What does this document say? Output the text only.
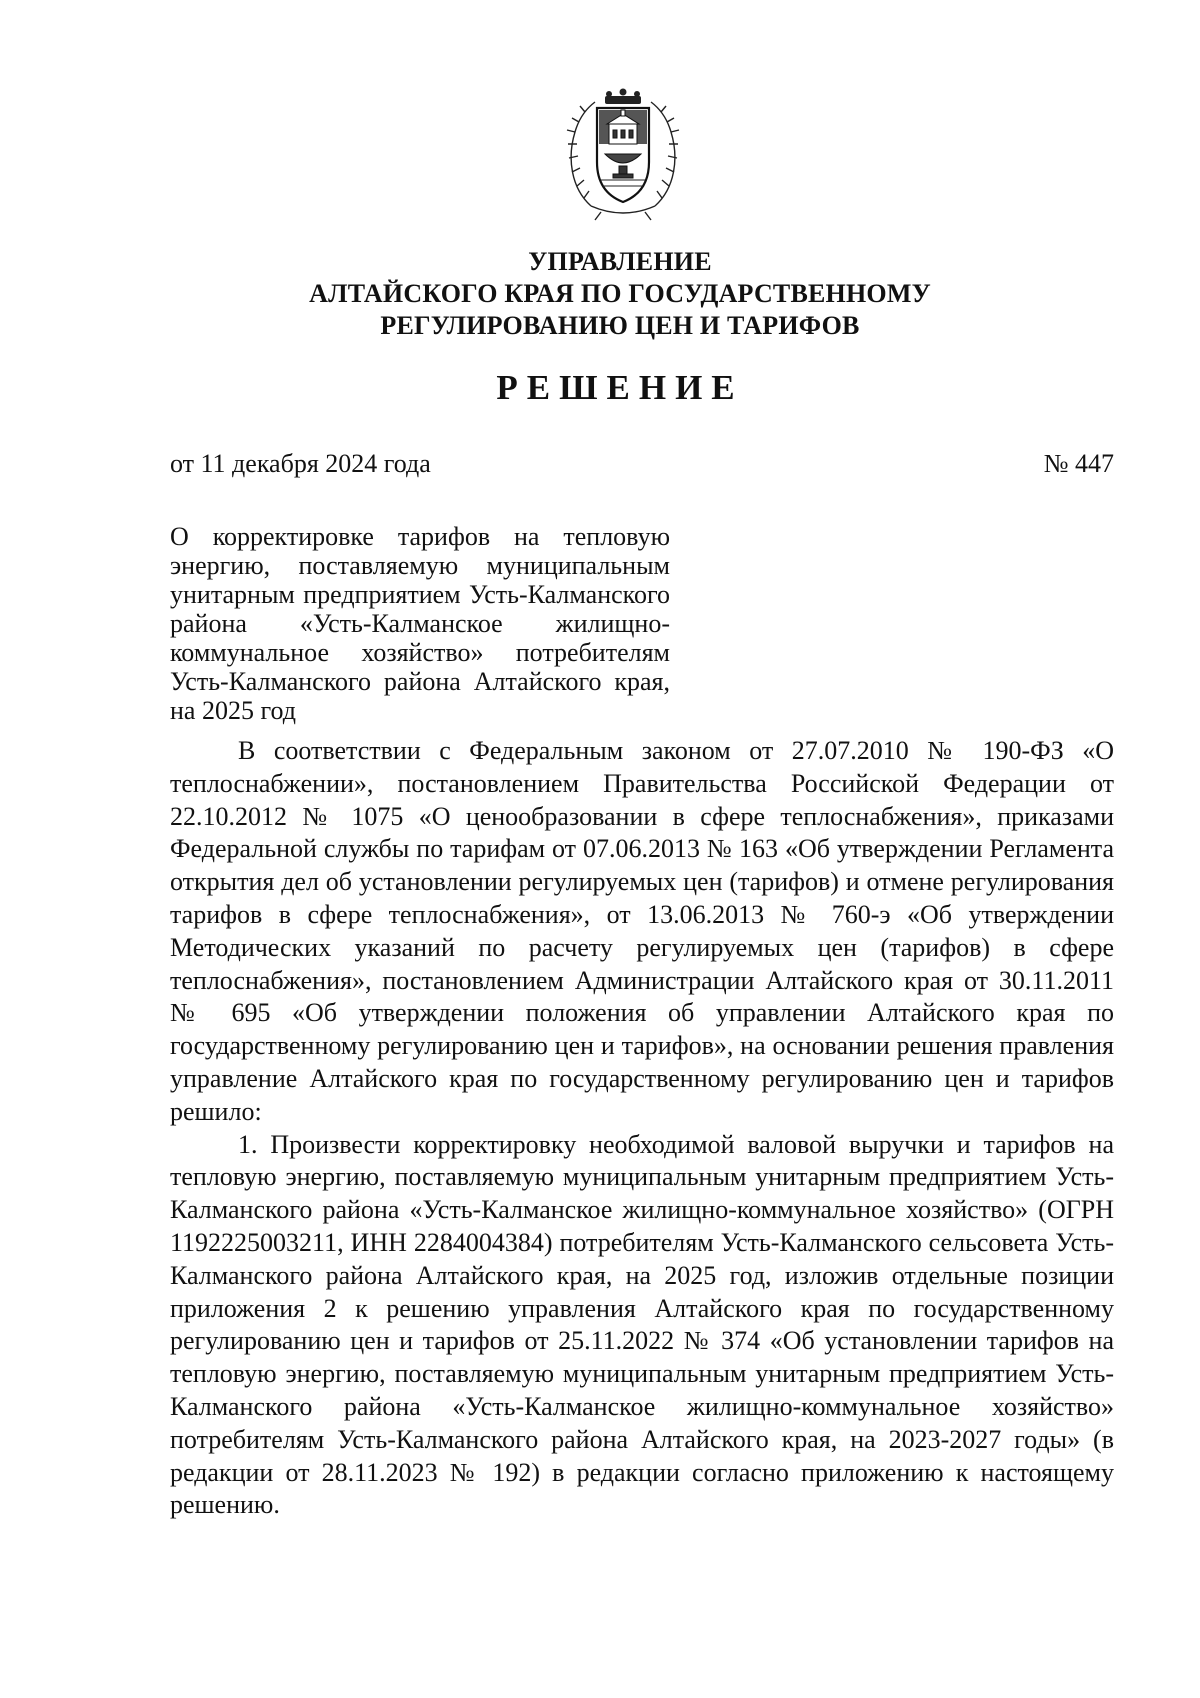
УПРАВЛЕНИЕ
АЛТАЙСКОГО КРАЯ ПО ГОСУДАРСТВЕННОМУ
РЕГУЛИРОВАНИЮ ЦЕН И ТАРИФОВ
РЕШЕНИЕ
от 11 декабря 2024 года	№ 447
О корректировке тарифов на тепловую энергию, поставляемую муниципальным унитарным предприятием Усть-Калманского района «Усть-Калманское жилищно-коммунальное хозяйство» потребителям Усть-Калманского района Алтайского края, на 2025 год

В соответствии с Федеральным законом от 27.07.2010 № 190-ФЗ «О теплоснабжении», постановлением Правительства Российской Федерации от 22.10.2012 № 1075 «О ценообразовании в сфере теплоснабжения», приказами Федеральной службы по тарифам от 07.06.2013 № 163 «Об утверждении Регламента открытия дел об установлении регулируемых цен (тарифов) и отмене регулирования тарифов в сфере теплоснабжения», от 13.06.2013 № 760-э «Об утверждении Методических указаний по расчету регулируемых цен (тарифов) в сфере теплоснабжения», постановлением Администрации Алтайского края от 30.11.2011 № 695 «Об утверждении положения об управлении Алтайского края по государственному регулированию цен и тарифов», на основании решения правления управление Алтайского края по государственному регулированию цен и тарифов решило:

1. Произвести корректировку необходимой валовой выручки и тарифов на тепловую энергию, поставляемую муниципальным унитарным предприятием Усть-Калманского района «Усть-Калманское жилищно-коммунальное хозяйство» (ОГРН 1192225003211, ИНН 2284004384) потребителям Усть-Калманского сельсовета Усть-Калманского района Алтайского края, на 2025 год, изложив отдельные позиции приложения 2 к решению управления Алтайского края по государственному регулированию цен и тарифов от 25.11.2022 № 374 «Об установлении тарифов на тепловую энергию, поставляемую муниципальным унитарным предприятием Усть-Калманского района «Усть-Калманское жилищно-коммунальное хозяйство» потребителям Усть-Калманского района Алтайского края, на 2023-2027 годы» (в редакции от 28.11.2023 № 192) в редакции согласно приложению к настоящему решению.
